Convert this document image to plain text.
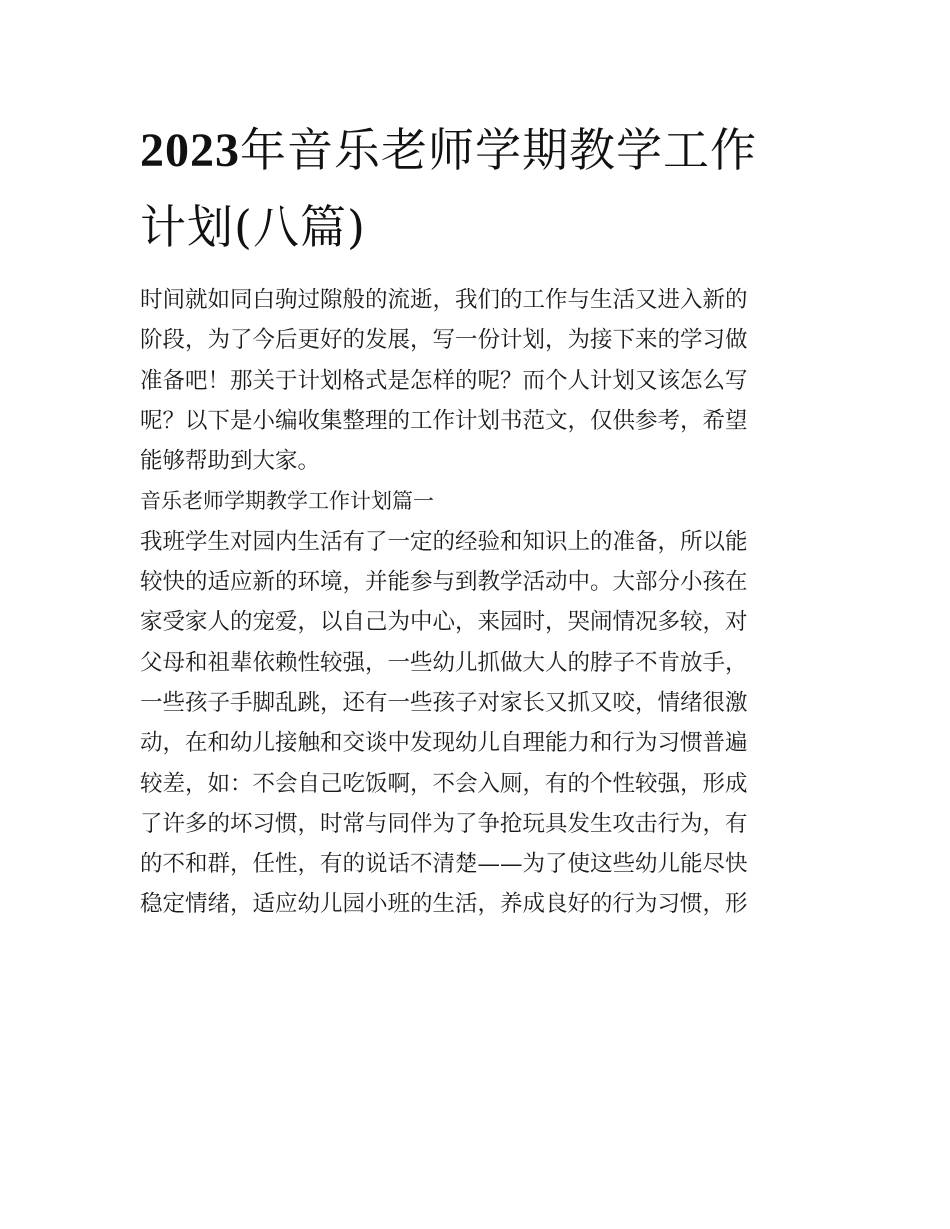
2023年音乐老师学期教学工作
计划(八篇)

时间就如同白驹过隙般的流逝，我们的工作与生活又进入新的
阶段，为了今后更好的发展，写一份计划，为接下来的学习做
准备吧！那关于计划格式是怎样的呢？而个人计划又该怎么写
呢？以下是小编收集整理的工作计划书范文，仅供参考，希望
能够帮助到大家。

音乐老师学期教学工作计划篇一

我班学生对园内生活有了一定的经验和知识上的准备，所以能
较快的适应新的环境，并能参与到教学活动中。大部分小孩在
家受家人的宠爱，以自己为中心，来园时，哭闹情况多较，对
父母和祖辈依赖性较强，一些幼儿抓做大人的脖子不肯放手，
一些孩子手脚乱跳，还有一些孩子对家长又抓又咬，情绪很激
动，在和幼儿接触和交谈中发现幼儿自理能力和行为习惯普遍
较差，如：不会自己吃饭啊，不会入厕，有的个性较强，形成
了许多的坏习惯，时常与同伴为了争抢玩具发生攻击行为，有
的不和群，任性，有的说话不清楚——为了使这些幼儿能尽快
稳定情绪，适应幼儿园小班的生活，养成良好的行为习惯，形
